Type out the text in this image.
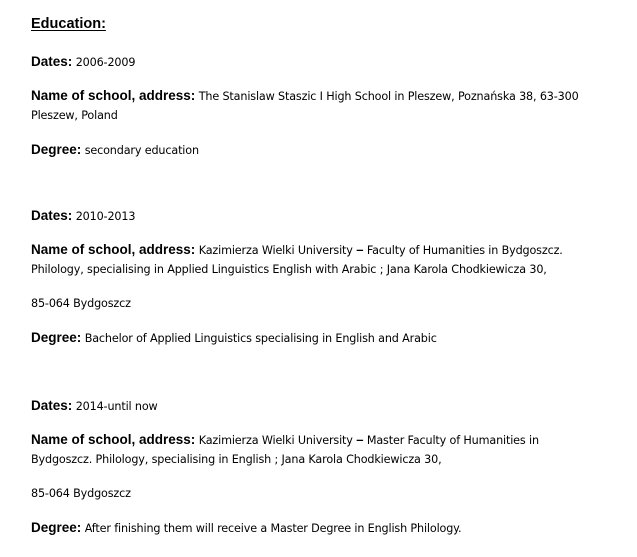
Education:
Dates: 2006-2009
Name of school, address: The Stanislaw Staszic I High School in Pleszew, Poznańska 38, 63-300
Pleszew, Poland
Degree: secondary education
Dates: 2010-2013
Name of school, address: Kazimierza Wielki University – Faculty of Humanities in Bydgoszcz.
Philology, specialising in Applied Linguistics English with Arabic ; Jana Karola Chodkiewicza 30,
85-064 Bydgoszcz
Degree: Bachelor of Applied Linguistics specialising in English and Arabic
Dates: 2014-until now
Name of school, address: Kazimierza Wielki University – Master Faculty of Humanities in
Bydgoszcz. Philology, specialising in English ; Jana Karola Chodkiewicza 30,
85-064 Bydgoszcz
Degree: After finishing them will receive a Master Degree in English Philology.
